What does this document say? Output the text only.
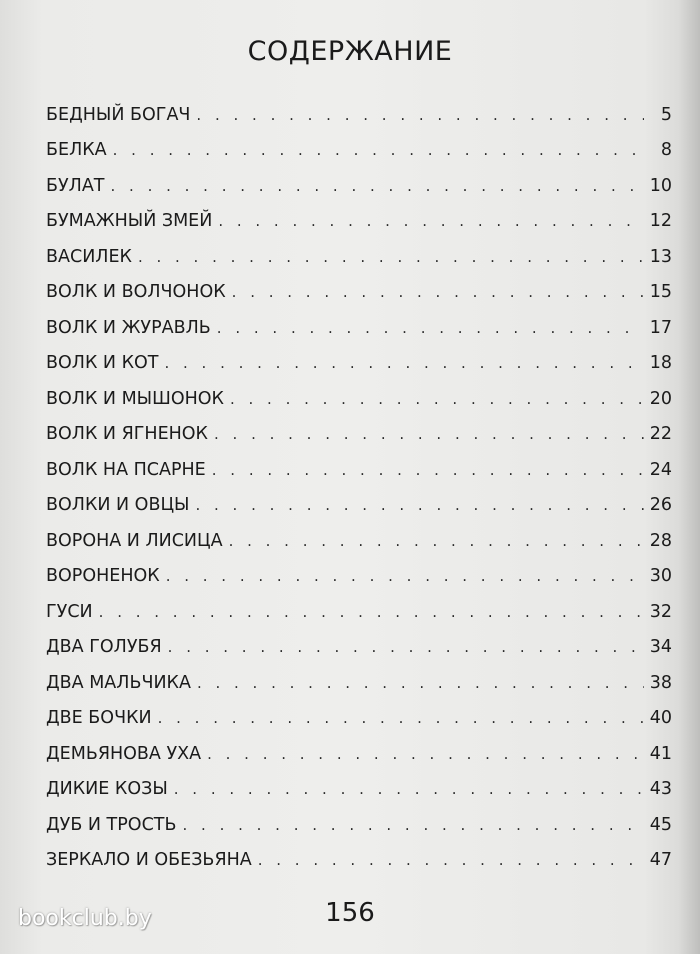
СОДЕРЖАНИЕ
БЕДНЫЙ БОГАЧ . . .	5
БЕЛКА . . .	8
БУЛАТ . . .	10
БУМАЖНЫЙ ЗМЕЙ . . .	12
ВАСИЛЕК . . .	13
ВОЛК И ВОЛЧОНОК . . .	15
ВОЛК И ЖУРАВЛЬ . . .	17
ВОЛК И КОТ . . .	18
ВОЛК И МЫШОНОК . . .	20
ВОЛК И ЯГНЕНОК . . .	22
ВОЛК НА ПСАРНЕ . . .	24
ВОЛКИ И ОВЦЫ . . .	26
ВОРОНА И ЛИСИЦА . . .	28
ВОРОНЕНОК . . .	30
ГУСИ . . .	32
ДВА ГОЛУБЯ . . .	34
ДВА МАЛЬЧИКА . . .	38
ДВЕ БОЧКИ . . .	40
ДЕМЬЯНОВА УХА . . .	41
ДИКИЕ КОЗЫ . . .	43
ДУБ И ТРОСТЬ . . .	45
ЗЕРКАЛО И ОБЕЗЬЯНА . . .	47
156
bookclub.by
